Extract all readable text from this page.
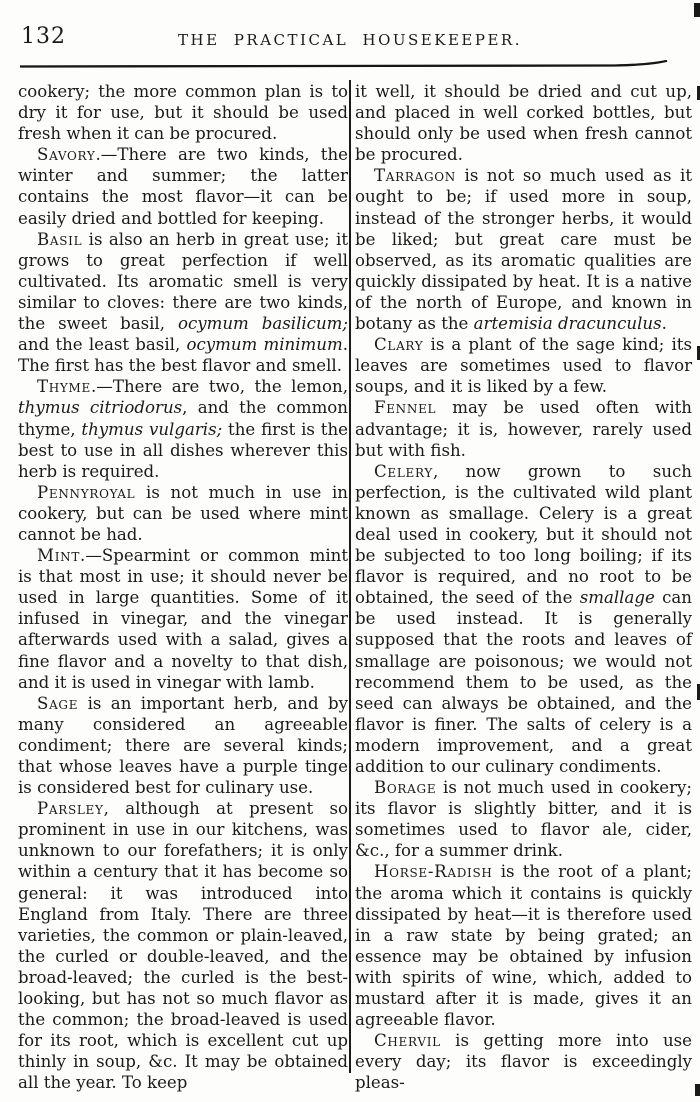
132	THE PRACTICAL HOUSEKEEPER.

cookery; the more common plan is to dry it for use, but it should be used fresh when it can be procured.

Savory.—There are two kinds, the winter and summer; the latter contains the most flavor—it can be easily dried and bottled for keeping.

Basil is also an herb in great use; it grows to great perfection if well cultivated. Its aromatic smell is very similar to cloves: there are two kinds, the sweet basil, ocymum basilicum; and the least basil, ocymum minimum. The first has the best flavor and smell.

Thyme.—There are two, the lemon, thymus citriodorus, and the common thyme, thymus vulgaris; the first is the best to use in all dishes wherever this herb is required.

Pennyroyal is not much in use in cookery, but can be used where mint cannot be had.

Mint.—Spearmint or common mint is that most in use; it should never be used in large quantities. Some of it infused in vinegar, and the vinegar afterwards used with a salad, gives a fine flavor and a novelty to that dish, and it is used in vinegar with lamb.

Sage is an important herb, and by many considered an agreeable condiment; there are several kinds; that whose leaves have a purple tinge is considered best for culinary use.

Parsley, although at present so prominent in use in our kitchens, was unknown to our forefathers; it is only within a century that it has become so general: it was introduced into England from Italy. There are three varieties, the common or plain-leaved, the curled or double-leaved, and the broad-leaved; the curled is the best-looking, but has not so much flavor as the common; the broad-leaved is used for its root, which is excellent cut up thinly in soup, &c. It may be obtained all the year. To keep

it well, it should be dried and cut up, and placed in well corked bottles, but should only be used when fresh cannot be procured.

Tarragon is not so much used as it ought to be; if used more in soup, instead of the stronger herbs, it would be liked; but great care must be observed, as its aromatic qualities are quickly dissipated by heat. It is a native of the north of Europe, and known in botany as the artemisia dracunculus.

Clary is a plant of the sage kind; its leaves are sometimes used to flavor soups, and it is liked by a few.

Fennel may be used often with advantage; it is, however, rarely used but with fish.

Celery, now grown to such perfection, is the cultivated wild plant known as smallage. Celery is a great deal used in cookery, but it should not be subjected to too long boiling; if its flavor is required, and no root to be obtained, the seed of the smallage can be used instead. It is generally supposed that the roots and leaves of smallage are poisonous; we would not recommend them to be used, as the seed can always be obtained, and the flavor is finer. The salts of celery is a modern improvement, and a great addition to our culinary condiments.

Borage is not much used in cookery; its flavor is slightly bitter, and it is sometimes used to flavor ale, cider, &c., for a summer drink.

Horse-Radish is the root of a plant; the aroma which it contains is quickly dissipated by heat—it is therefore used in a raw state by being grated; an essence may be obtained by infusion with spirits of wine, which, added to mustard after it is made, gives it an agreeable flavor.

Chervil is getting more into use every day; its flavor is exceedingly pleas-
